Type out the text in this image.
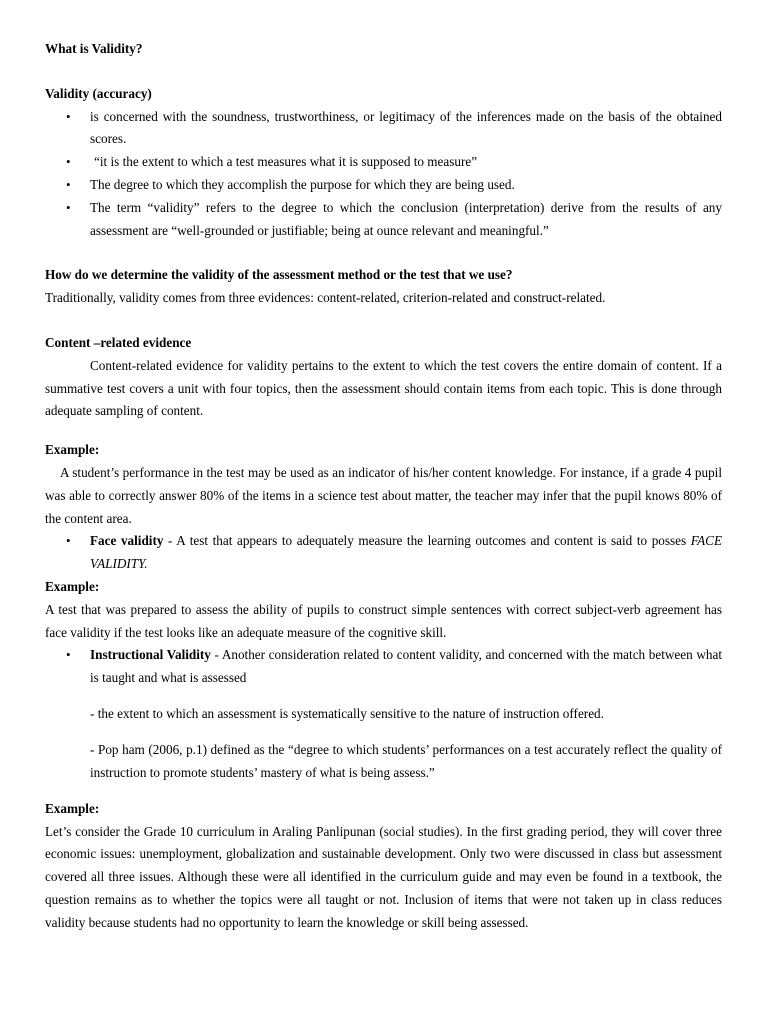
What is Validity?

Validity (accuracy)

• is concerned with the soundness, trustworthiness, or legitimacy of the inferences made on the basis of the obtained scores.
• “it is the extent to which a test measures what it is supposed to measure”
• The degree to which they accomplish the purpose for which they are being used.
• The term “validity” refers to the degree to which the conclusion (interpretation) derive from the results of any assessment are “well-grounded or justifiable; being at ounce relevant and meaningful.”

How do we determine the validity of the assessment method or the test that we use?

Traditionally, validity comes from three evidences: content-related, criterion-related and construct-related.

Content –related evidence

Content-related evidence for validity pertains to the extent to which the test covers the entire domain of content. If a summative test covers a unit with four topics, then the assessment should contain items from each topic. This is done through adequate sampling of content.

Example:

A student’s performance in the test may be used as an indicator of his/her content knowledge. For instance, if a grade 4 pupil was able to correctly answer 80% of the items in a science test about matter, the teacher may infer that the pupil knows 80% of the content area.

• Face validity - A test that appears to adequately measure the learning outcomes and content is said to posses FACE VALIDITY.

Example:

A test that was prepared to assess the ability of pupils to construct simple sentences with correct subject-verb agreement has face validity if the test looks like an adequate measure of the cognitive skill.

• Instructional Validity - Another consideration related to content validity, and concerned with the match between what is taught and what is assessed

- the extent to which an assessment is systematically sensitive to the nature of instruction offered.

- Pop ham (2006, p.1) defined as the “degree to which students’ performances on a test accurately reflect the quality of instruction to promote students’ mastery of what is being assess.”

Example:

Let’s consider the Grade 10 curriculum in Araling Panlipunan (social studies). In the first grading period, they will cover three economic issues: unemployment, globalization and sustainable development. Only two were discussed in class but assessment covered all three issues. Although these were all identified in the curriculum guide and may even be found in a textbook, the question remains as to whether the topics were all taught or not. Inclusion of items that were not taken up in class reduces validity because students had no opportunity to learn the knowledge or skill being assessed.
